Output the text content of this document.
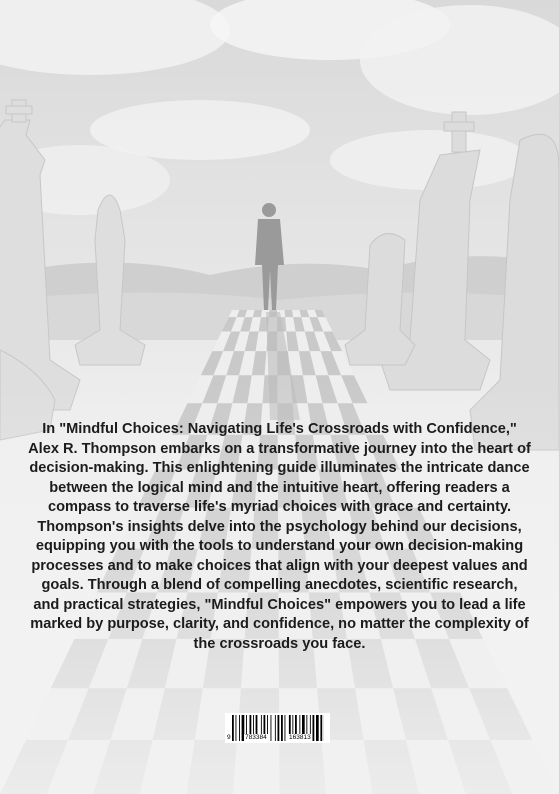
In "Mindful Choices: Navigating Life's Crossroads with Confidence," Alex R. Thompson embarks on a transformative journey into the heart of decision-making. This enlightening guide illuminates the intricate dance between the logical mind and the intuitive heart, offering readers a compass to traverse life's myriad choices with grace and certainty. Thompson's insights delve into the psychology behind our decisions, equipping you with the tools to understand your own decision-making processes and to make choices that align with your deepest values and goals. Through a blend of compelling anecdotes, scientific research, and practical strategies, "Mindful Choices" empowers you to lead a life marked by purpose, clarity, and confidence, no matter the complexity of the crossroads you face.

9 783384	163813
